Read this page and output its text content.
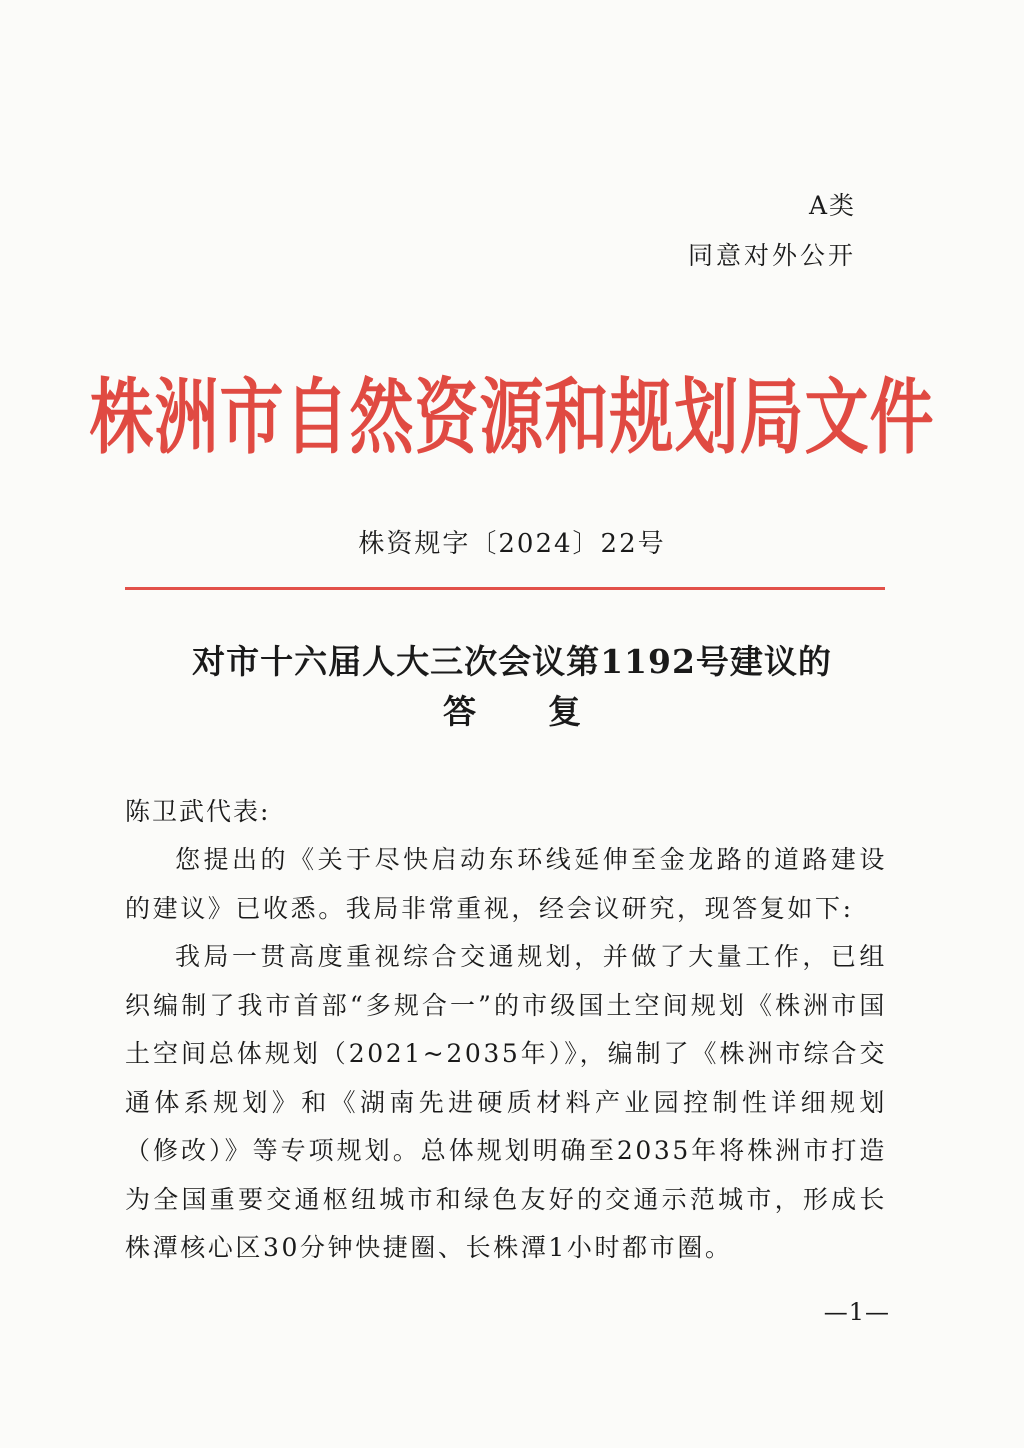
A类
同意对外公开
株洲市自然资源和规划局文件
株资规字〔2024〕22号
对市十六届人大三次会议第1192号建议的
答 复
陈卫武代表:

您提出的《关于尽快启动东环线延伸至金龙路的道路建设的建议》已收悉。我局非常重视，经会议研究，现答复如下:

我局一贯高度重视综合交通规划，并做了大量工作，已组织编制了我市首部“多规合一”的市级国土空间规划《株洲市国土空间总体规划（2021~2035年）》，编制了《株洲市综合交通体系规划》和《湖南先进硬质材料产业园控制性详细规划（修改）》等专项规划。总体规划明确至2035年将株洲市打造为全国重要交通枢纽城市和绿色友好的交通示范城市，形成长株潭核心区30分钟快捷圈、长株潭1小时都市圈。

—1—
